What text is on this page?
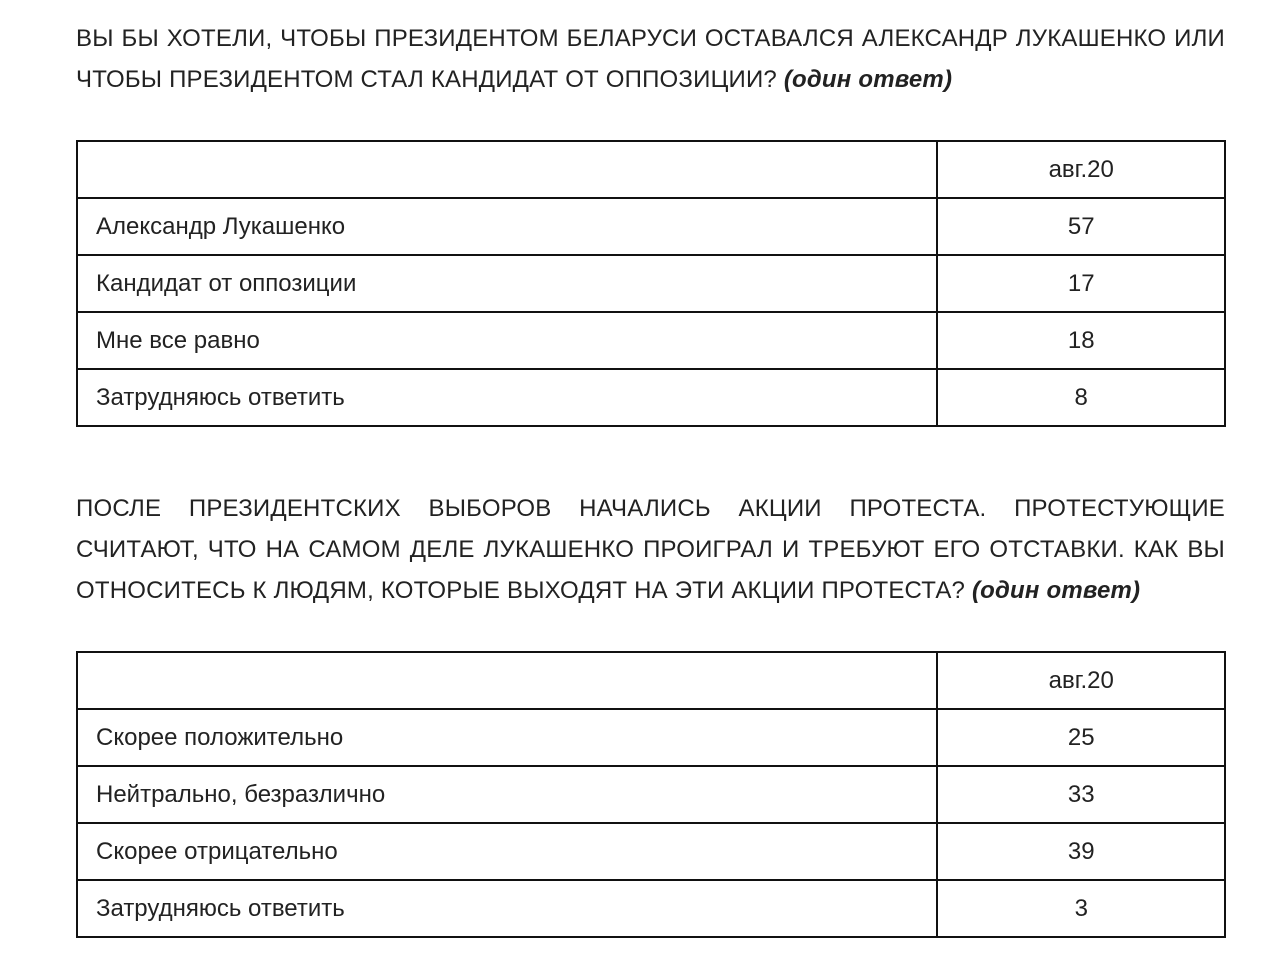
ВЫ БЫ ХОТЕЛИ, ЧТОБЫ ПРЕЗИДЕНТОМ БЕЛАРУСИ ОСТАВАЛСЯ АЛЕКСАНДР ЛУКАШЕНКО ИЛИ ЧТОБЫ ПРЕЗИДЕНТОМ СТАЛ КАНДИДАТ ОТ ОППОЗИЦИИ? (один ответ)
	авг.20
Александр Лукашенко	57
Кандидат от оппозиции	17
Мне все равно	18
Затрудняюсь ответить	8
ПОСЛЕ ПРЕЗИДЕНТСКИХ ВЫБОРОВ НАЧАЛИСЬ АКЦИИ ПРОТЕСТА. ПРОТЕСТУЮЩИЕ СЧИТАЮТ, ЧТО НА САМОМ ДЕЛЕ ЛУКАШЕНКО ПРОИГРАЛ И ТРЕБУЮТ ЕГО ОТСТАВКИ. КАК ВЫ ОТНОСИТЕСЬ К ЛЮДЯМ, КОТОРЫЕ ВЫХОДЯТ НА ЭТИ АКЦИИ ПРОТЕСТА? (один ответ)
	авг.20
Скорее положительно	25
Нейтрально, безразлично	33
Скорее отрицательно	39
Затрудняюсь ответить	3
